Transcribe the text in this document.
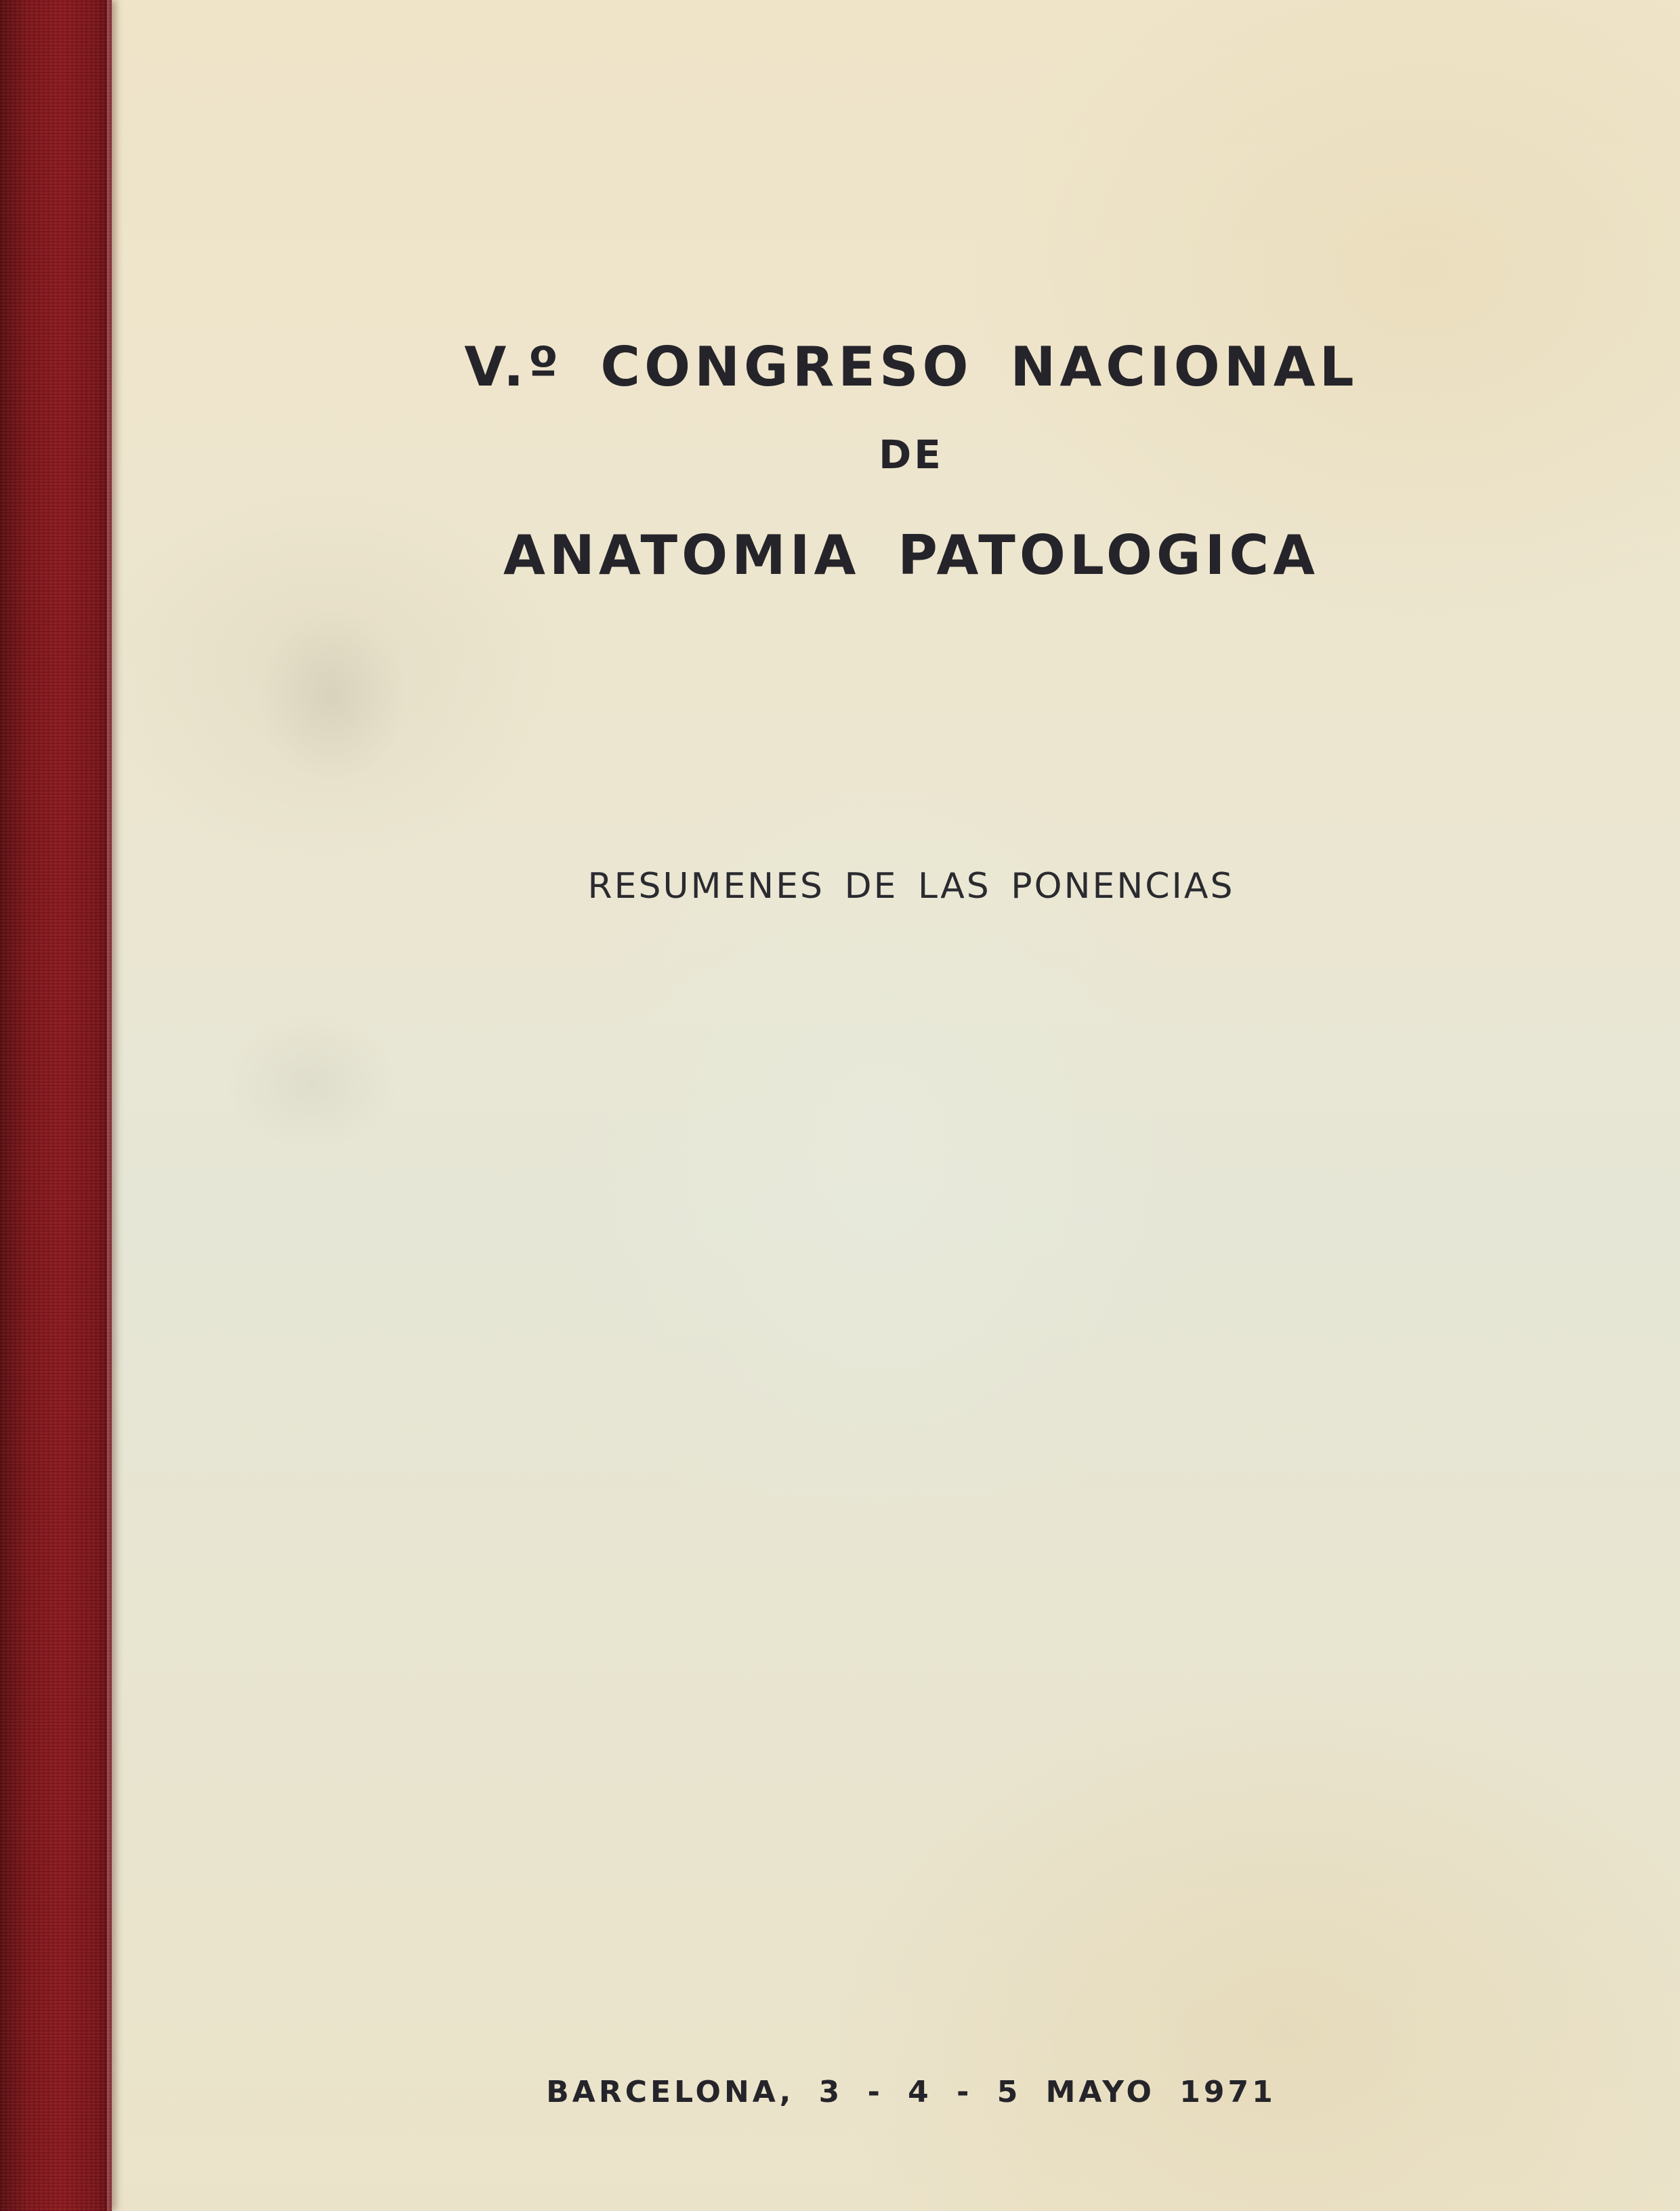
V.º CONGRESO NACIONAL
DE
ANATOMIA PATOLOGICA
RESUMENES DE LAS PONENCIAS
BARCELONA, 3 - 4 - 5 MAYO 1971
